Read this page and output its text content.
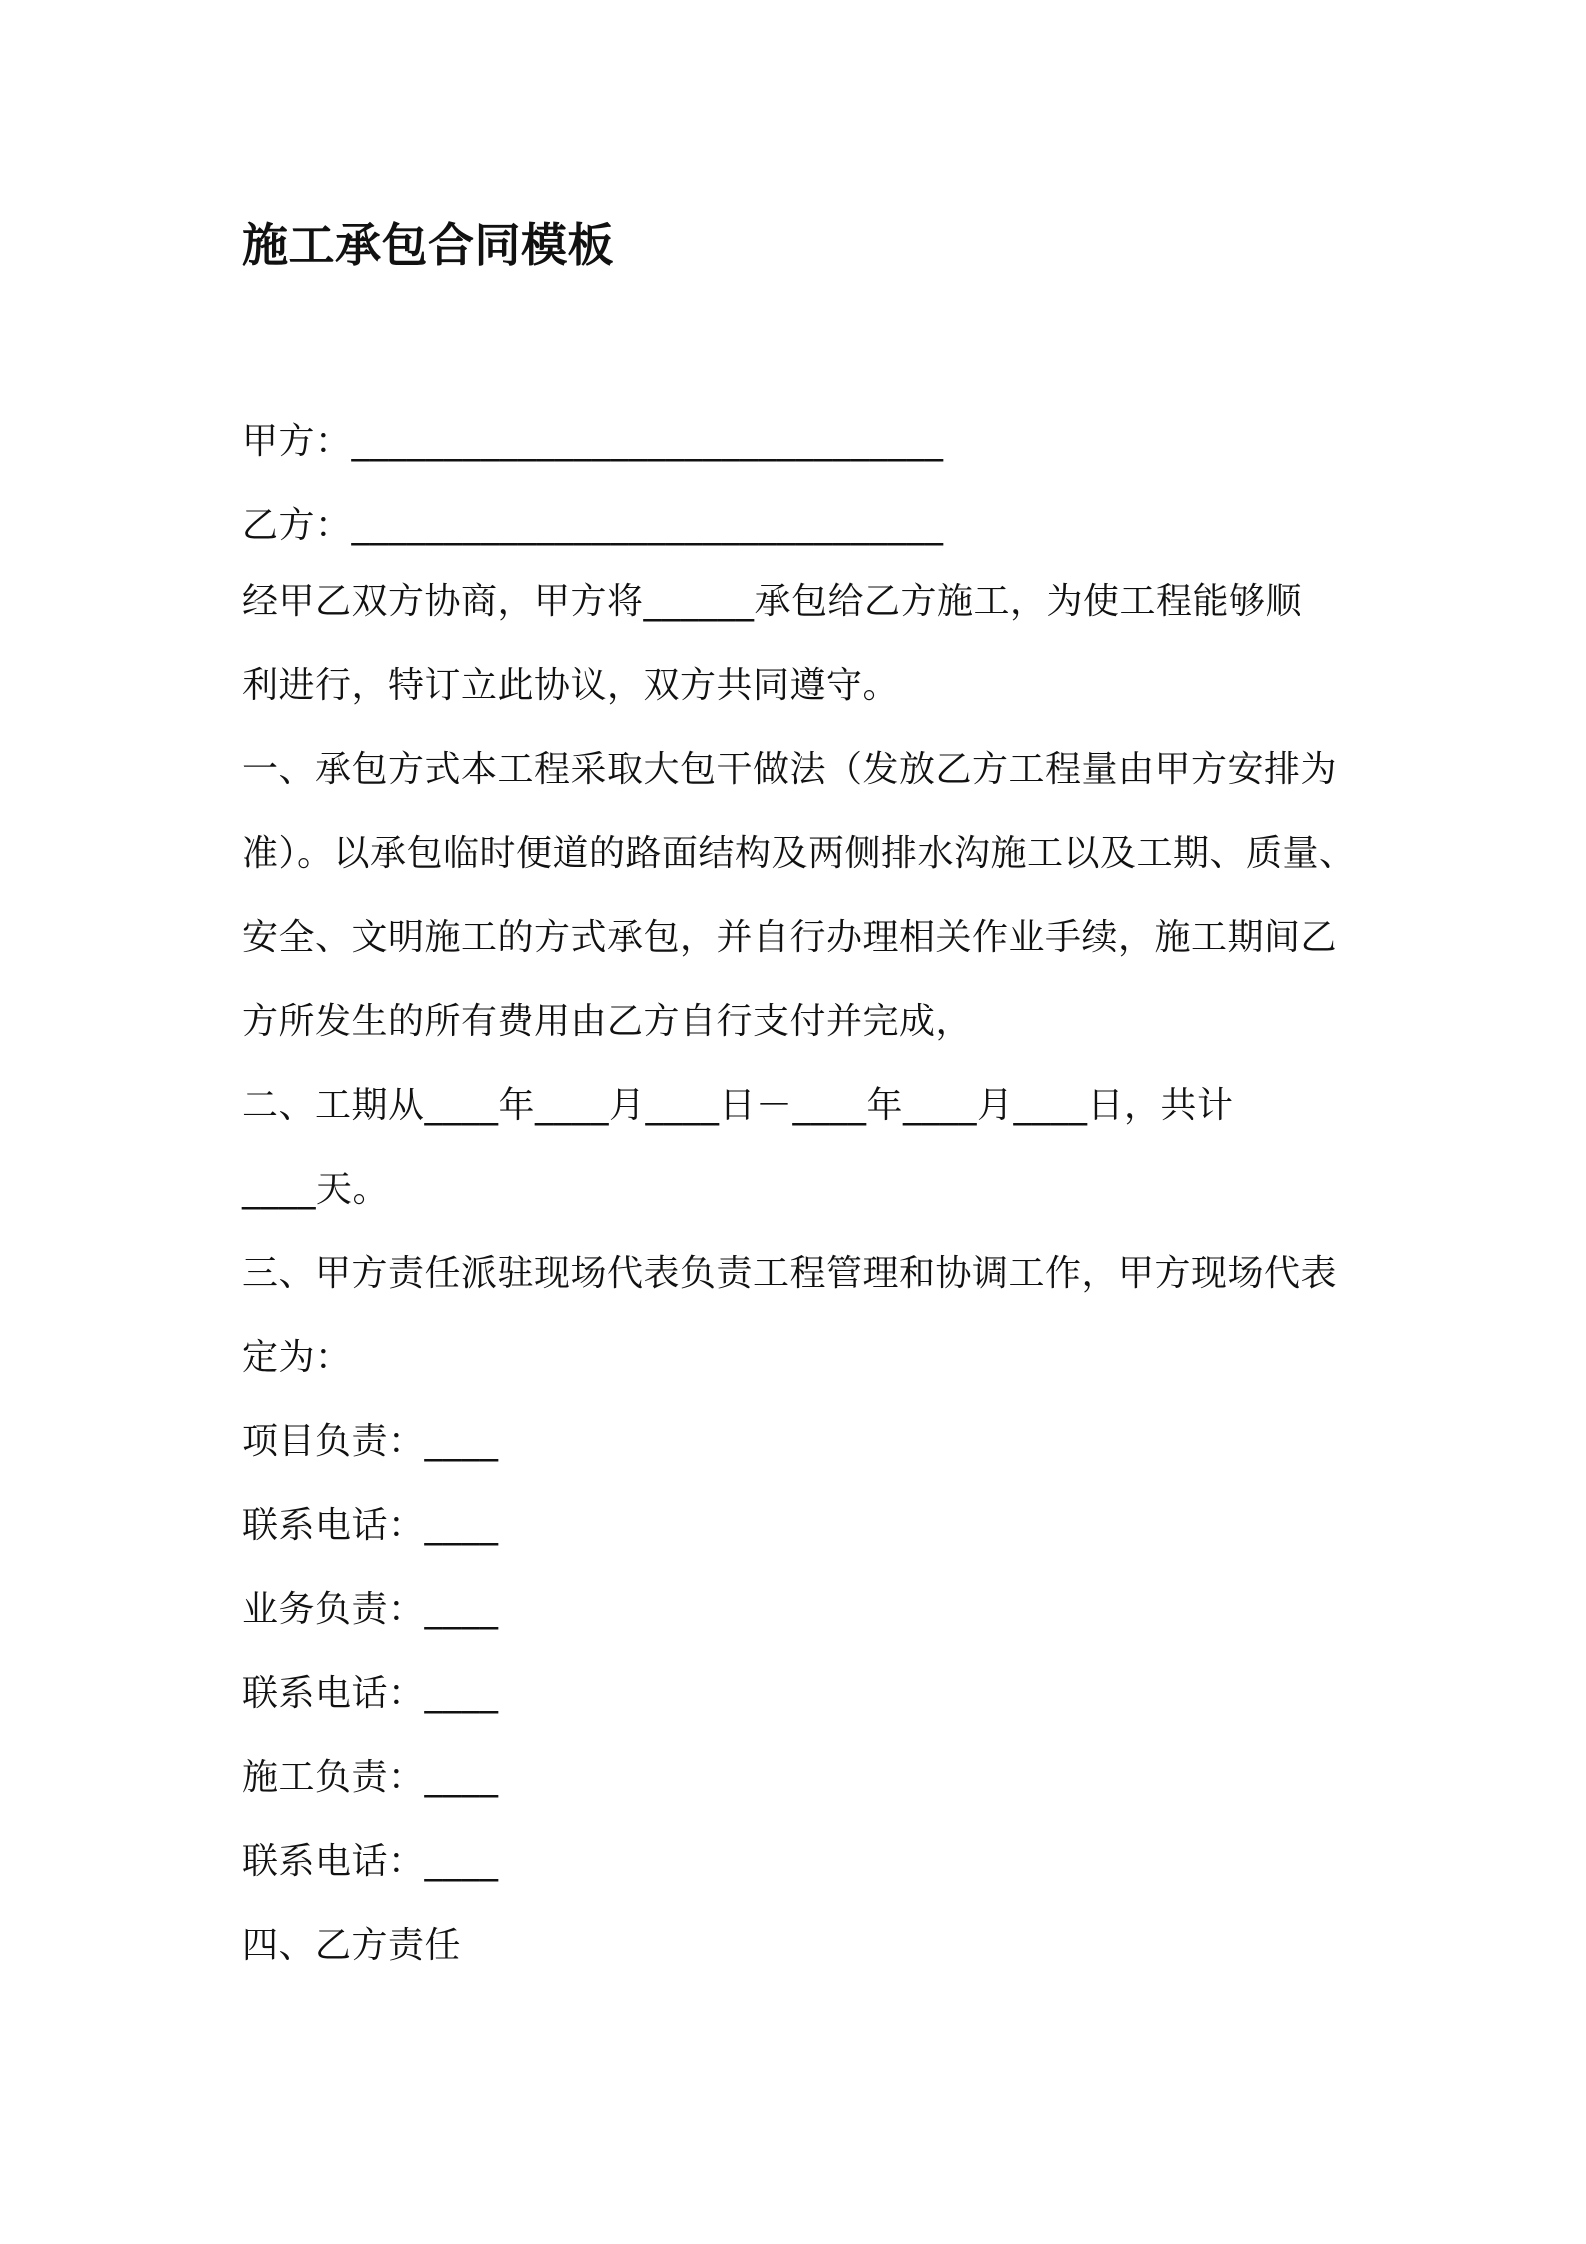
施工承包合同模板

甲方：________________________________

乙方：________________________________

经甲乙双方协商，甲方将______承包给乙方施工，为使工程能够顺

利进行，特订立此协议，双方共同遵守。

一、承包方式本工程采取大包干做法（发放乙方工程量由甲方安排为

准）。以承包临时便道的路面结构及两侧排水沟施工以及工期、质量、

安全、文明施工的方式承包，并自行办理相关作业手续，施工期间乙

方所发生的所有费用由乙方自行支付并完成，

二、工期从____年____月____日－____年____月____日，共计

____天。

三、甲方责任派驻现场代表负责工程管理和协调工作，甲方现场代表

定为：

项目负责：____

联系电话：____

业务负责：____

联系电话：____

施工负责：____

联系电话：____

四、乙方责任
